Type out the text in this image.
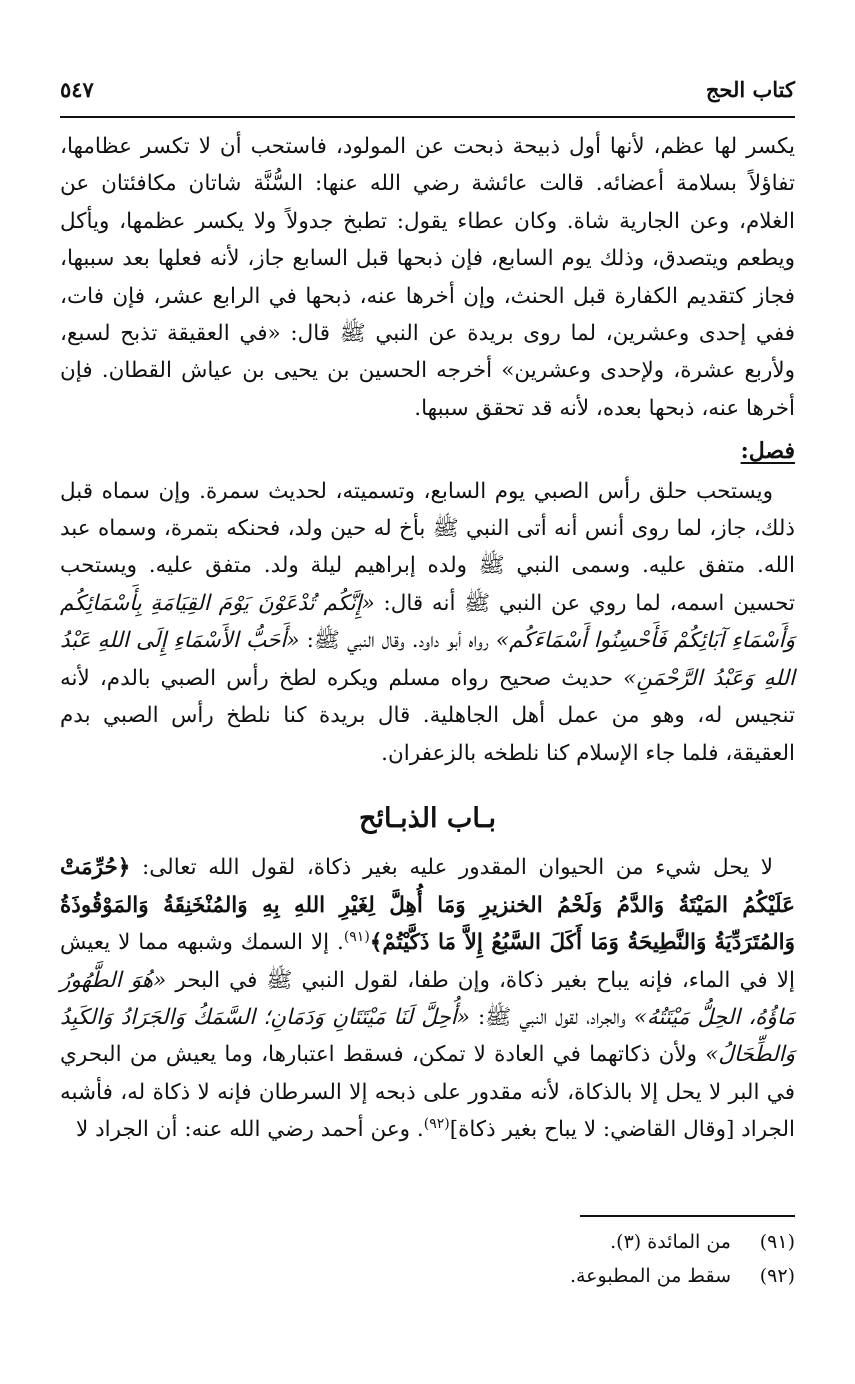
كتاب الحج
٥٤٧

يكسر لها عظم، لأنها أول ذبيحة ذبحت عن المولود، فاستحب أن لا تكسر عظامها، تفاؤلاً بسلامة أعضائه. قالت عائشة رضي الله عنها: السُّنَّة شاتان مكافئتان عن الغلام، وعن الجارية شاة. وكان عطاء يقول: تطبخ جدولاً ولا يكسر عظمها، ويأكل ويطعم ويتصدق، وذلك يوم السابع، فإن ذبحها قبل السابع جاز، لأنه فعلها بعد سببها، فجاز كتقديم الكفارة قبل الحنث، وإن أخرها عنه، ذبحها في الرابع عشر، فإن فات، ففي إحدى وعشرين، لما روى بريدة عن النبي ﷺ قال: «في العقيقة تذبح لسبع، ولأربع عشرة، ولإحدى وعشرين» أخرجه الحسين بن يحيى بن عياش القطان. فإن أخرها عنه، ذبحها بعده، لأنه قد تحقق سببها.

فصل:

ويستحب حلق رأس الصبي يوم السابع، وتسميته، لحديث سمرة. وإن سماه قبل ذلك، جاز، لما روى أنس أنه أتى النبي ﷺ بأخ له حين ولد، فحنكه بتمرة، وسماه عبد الله. متفق عليه. وسمى النبي ﷺ ولده إبراهيم ليلة ولد. متفق عليه. ويستحب تحسين اسمه، لما روي عن النبي ﷺ أنه قال: «إِنَّكُم تُدْعَوْنَ يَوْمَ القِيَامَةِ بِأَسْمَائِكُم وَأَسْمَاءِ آبَائِكُمْ فَأَحْسِنُوا أَسْمَاءَكُم» رواه أبو داود. وقال النبي ﷺ: «أَحَبُّ الأَسْمَاءِ إِلَى اللهِ عَبْدُ اللهِ وَعَبْدُ الرَّحْمَنِ» حديث صحيح رواه مسلم ويكره لطخ رأس الصبي بالدم، لأنه تنجيس له، وهو من عمل أهل الجاهلية. قال بريدة كنا نلطخ رأس الصبي بدم العقيقة، فلما جاء الإسلام كنا نلطخه بالزعفران.

بـاب الذبـائح

لا يحل شيء من الحيوان المقدور عليه بغير ذكاة، لقول الله تعالى: ﴿حُرِّمَتْ عَلَيْكُمُ المَيْتَةُ وَالدَّمُ وَلَحْمُ الخنزيرِ وَمَا أُهِلَّ لِغَيْرِ اللهِ بِهِ وَالمُنْخَنِقَةُ وَالمَوْقُوذَةُ وَالمُتَرَدِّيَةُ وَالنَّطِيحَةُ وَمَا أَكَلَ السَّبُعُ إِلاَّ مَا ذَكَّيْتُمْ﴾$^{(٩١)}$. إلا السمك وشبهه مما لا يعيش إلا في الماء، فإنه يباح بغير ذكاة، وإن طفا، لقول النبي ﷺ في البحر «هُوَ الطَّهُورُ مَاؤُهُ، الحِلُّ مَيْتَتُهُ» والجراد، لقول النبي ﷺ: «أُحِلَّ لَنَا مَيْتَتَانِ وَدَمَانِ؛ السَّمَكُ وَالجَرَادُ وَالكَبِدُ وَالطِّحَالُ» ولأن ذكاتهما في العادة لا تمكن، فسقط اعتبارها، وما يعيش من البحري في البر لا يحل إلا بالذكاة، لأنه مقدور على ذبحه إلا السرطان فإنه لا ذكاة له، فأشبه الجراد [وقال القاضي: لا يباح بغير ذكاة]$^{(٩٢)}$. وعن أحمد رضي الله عنه: أن الجراد لا

(٩١)
من المائدة (٣).
(٩٢)
سقط من المطبوعة.
